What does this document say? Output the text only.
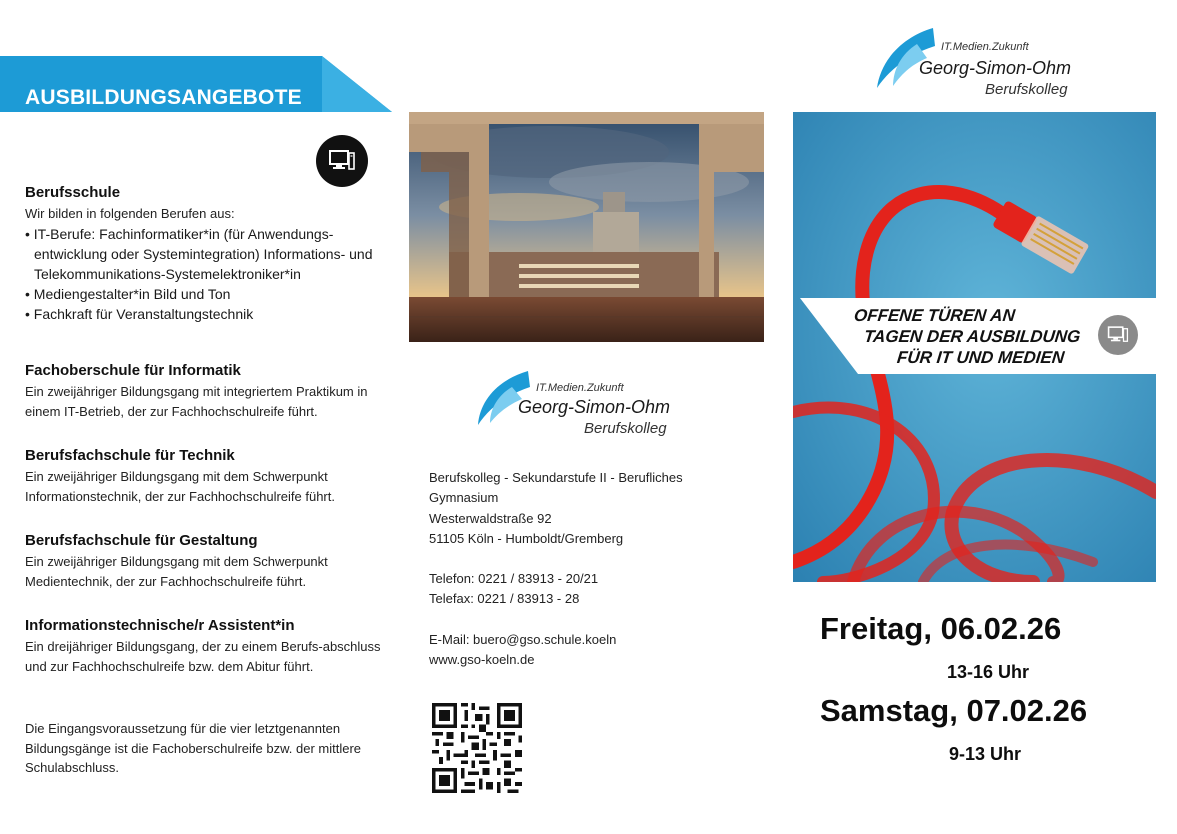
AUSBILDUNGSANGEBOTE
Berufsschule

Wir bilden in folgenden Berufen aus:

• IT-Berufe: Fachinformatiker*in (für Anwendungs-entwicklung oder Systemintegration) Informations- und Telekommunikations-Systemelektroniker*in
• Mediengestalter*in Bild und Ton
• Fachkraft für Veranstaltungstechnik
Fachoberschule für Informatik

Ein zweijähriger Bildungsgang mit integriertem Praktikum in einem IT-Betrieb, der zur Fachhochschulreife führt.

Berufsfachschule für Technik

Ein zweijähriger Bildungsgang mit dem Schwerpunkt Informationstechnik, der zur Fachhochschulreife führt.

Berufsfachschule für Gestaltung

Ein zweijähriger Bildungsgang mit dem Schwerpunkt Medientechnik, der zur Fachhochschulreife führt.

Informationstechnische/r Assistent*in

Ein dreijähriger Bildungsgang, der zu einem Berufs-abschluss und zur Fachhochschulreife bzw. dem Abitur führt.

Die Eingangsvoraussetzung für die vier letztgenannten Bildungsgänge ist die Fachoberschulreife bzw. der mittlere Schulabschluss.

IT.Medien.Zukunft
Georg-Simon-Ohm
Berufskolleg
Berufskolleg - Sekundarstufe II - Berufliches
Gymnasium
Westerwaldstraße 92
51105 Köln - Humboldt/Gremberg
Telefon: 0221 / 83913 - 20/21
Telefax: 0221 / 83913 - 28
E-Mail: buero@gso.schule.koeln
www.gso-koeln.de
IT.Medien.Zukunft
Georg-Simon-Ohm
Berufskolleg
OFFENE TÜREN AN
TAGEN DER AUSBILDUNG
FÜR IT UND MEDIEN
Freitag, 06.02.26
13-16 Uhr
Samstag, 07.02.26
9-13 Uhr
